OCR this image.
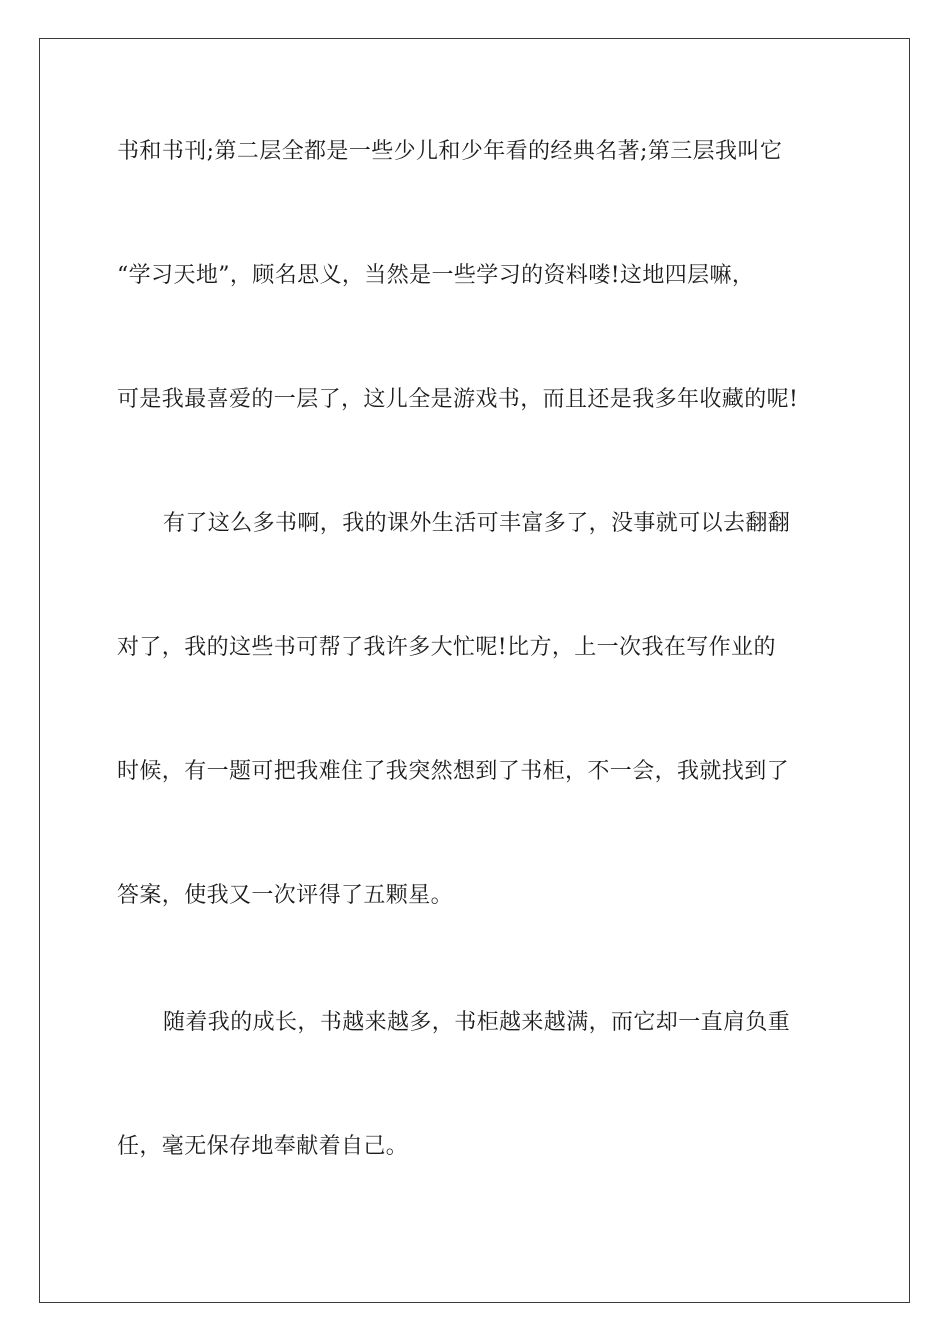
书和书刊;第二层全都是一些少儿和少年看的经典名著;第三层我叫它
“学习天地”，顾名思义，当然是一些学习的资料喽!这地四层嘛，
可是我最喜爱的一层了，这儿全是游戏书，而且还是我多年收藏的呢!
有了这么多书啊，我的课外生活可丰富多了，没事就可以去翻翻
对了，我的这些书可帮了我许多大忙呢!比方，上一次我在写作业的
时候，有一题可把我难住了我突然想到了书柜，不一会，我就找到了
答案，使我又一次评得了五颗星。
随着我的成长，书越来越多，书柜越来越满，而它却一直肩负重
任，毫无保存地奉献着自己。
